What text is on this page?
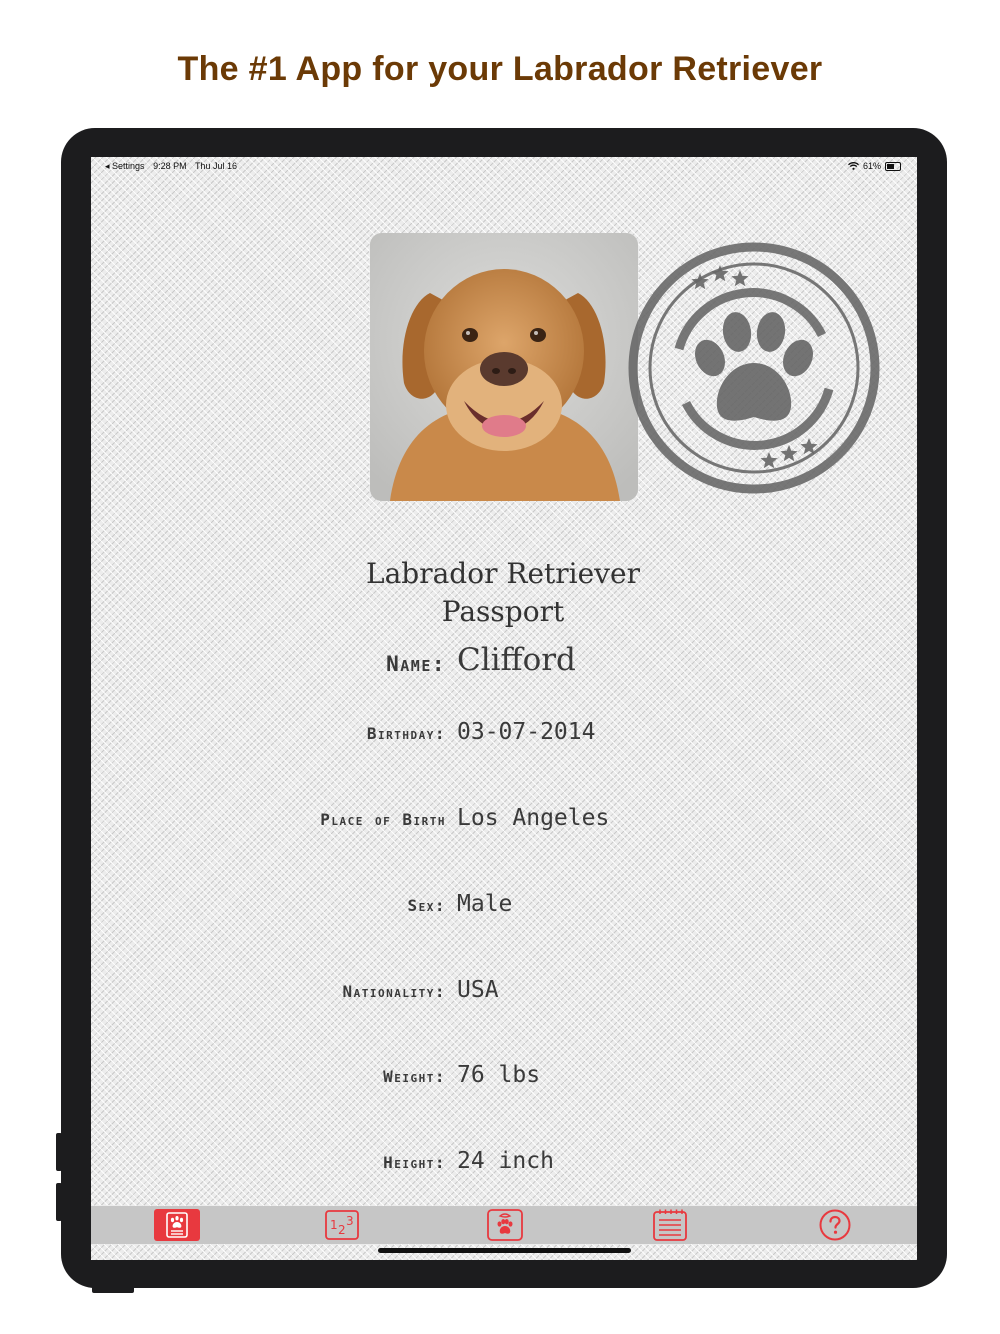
The #1 App for your Labrador Retriever
◂ Settings 9:28 PM Thu Jul 16	61%
Labrador Retriever
Passport
Name: Clifford
Birthday: 03-07-2014
Place of Birth Los Angeles
Sex: Male
Nationality: USA
Weight: 76 lbs
Height: 24 inch
1 2
3
